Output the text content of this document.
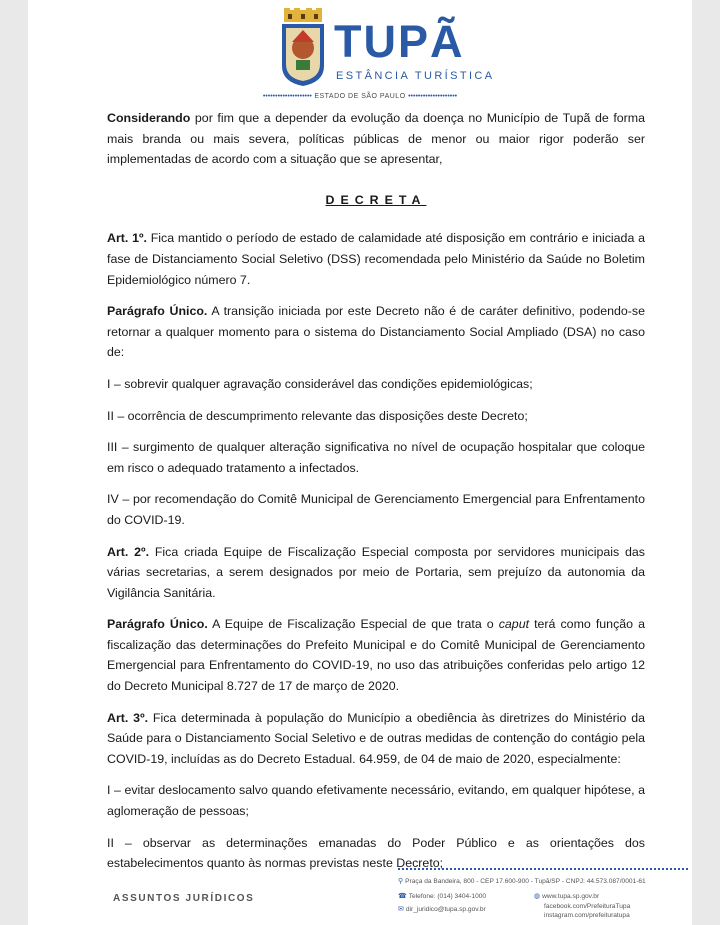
TUPÃ
ESTÂNCIA TURÍSTICA
•••••••••••••••••••• ESTADO DE SÃO PAULO ••••••••••••••••••••

Considerando por fim que a depender da evolução da doença no Município de Tupã de forma mais branda ou mais severa, políticas públicas de menor ou maior rigor poderão ser implementadas de acordo com a situação que se apresentar,

DECRETA

Art. 1º. Fica mantido o período de estado de calamidade até disposição em contrário e iniciada a fase de Distanciamento Social Seletivo (DSS) recomendada pelo Ministério da Saúde no Boletim Epidemiológico número 7.

Parágrafo Único. A transição iniciada por este Decreto não é de caráter definitivo, podendo-se retornar a qualquer momento para o sistema do Distanciamento Social Ampliado (DSA) no caso de:

I – sobrevir qualquer agravação considerável das condições epidemiológicas;

II – ocorrência de descumprimento relevante das disposições deste Decreto;

III – surgimento de qualquer alteração significativa no nível de ocupação hospitalar que coloque em risco o adequado tratamento a infectados.

IV – por recomendação do Comitê Municipal de Gerenciamento Emergencial para Enfrentamento do COVID-19.

Art. 2º. Fica criada Equipe de Fiscalização Especial composta por servidores municipais das várias secretarias, a serem designados por meio de Portaria, sem prejuízo da autonomia da Vigilância Sanitária.

Parágrafo Único. A Equipe de Fiscalização Especial de que trata o caput terá como função a fiscalização das determinações do Prefeito Municipal e do Comitê Municipal de Gerenciamento Emergencial para Enfrentamento do COVID-19, no uso das atribuições conferidas pelo artigo 12 do Decreto Municipal 8.727 de 17 de março de 2020.

Art. 3º. Fica determinada à população do Município a obediência às diretrizes do Ministério da Saúde para o Distanciamento Social Seletivo e de outras medidas de contenção do contágio pela COVID-19, incluídas as do Decreto Estadual. 64.959, de 04 de maio de 2020, especialmente:

I – evitar deslocamento salvo quando efetivamente necessário, evitando, em qualquer hipótese, a aglomeração de pessoas;

II – observar as determinações emanadas do Poder Público e as orientações dos estabelecimentos quanto às normas previstas neste Decreto;

ASSUNTOS JURÍDICOS
⚲ Praça da Bandeira, 800 - CEP 17.600-900 - Tupã/SP - CNPJ: 44.573.087/0001-61
☎ Telefone: (014) 3404-1000
✉ dir_juridico@tupa.sp.gov.br
◍ www.tupa.sp.gov.br
facebook.com/PrefeituraTupa
instagram.com/prefeituratupa
